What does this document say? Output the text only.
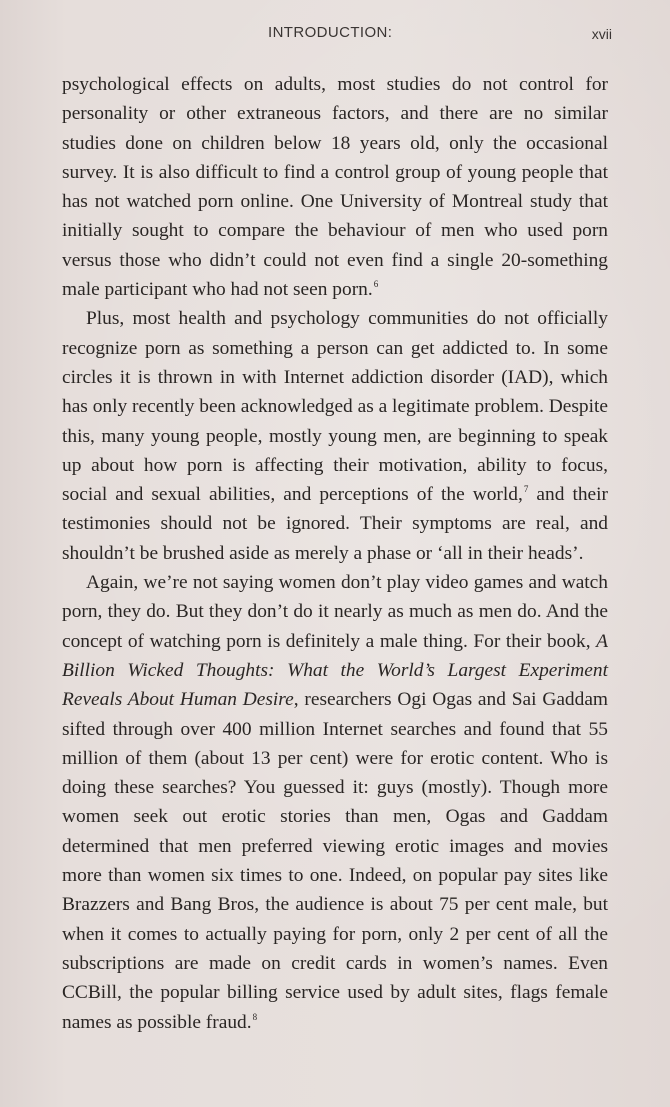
INTRODUCTION:	xvii

psychological effects on adults, most studies do not control for personality or other extraneous factors, and there are no similar studies done on children below 18 years old, only the occasional survey. It is also difficult to find a control group of young people that has not watched porn online. One University of Montreal study that initially sought to compare the behaviour of men who used porn versus those who didn’t could not even find a single 20-something male participant who had not seen porn.$^6$

Plus, most health and psychology communities do not officially recognize porn as something a person can get addicted to. In some circles it is thrown in with Internet addiction disorder (IAD), which has only recently been acknowledged as a legitimate problem. Despite this, many young people, mostly young men, are beginning to speak up about how porn is affecting their motivation, ability to focus, social and sexual abilities, and perceptions of the world,$^7$ and their testimonies should not be ignored. Their symptoms are real, and shouldn’t be brushed aside as merely a phase or ‘all in their heads’.

Again, we’re not saying women don’t play video games and watch porn, they do. But they don’t do it nearly as much as men do. And the concept of watching porn is definitely a male thing. For their book, A Billion Wicked Thoughts: What the World’s Largest Experiment Reveals About Human Desire, researchers Ogi Ogas and Sai Gaddam sifted through over 400 million Internet searches and found that 55 million of them (about 13 per cent) were for erotic content. Who is doing these searches? You guessed it: guys (mostly). Though more women seek out erotic stories than men, Ogas and Gaddam determined that men preferred viewing erotic images and movies more than women six times to one. Indeed, on popular pay sites like Brazzers and Bang Bros, the audience is about 75 per cent male, but when it comes to actually paying for porn, only 2 per cent of all the subscriptions are made on credit cards in women’s names. Even CCBill, the popular billing service used by adult sites, flags female names as possible fraud.$^8$
